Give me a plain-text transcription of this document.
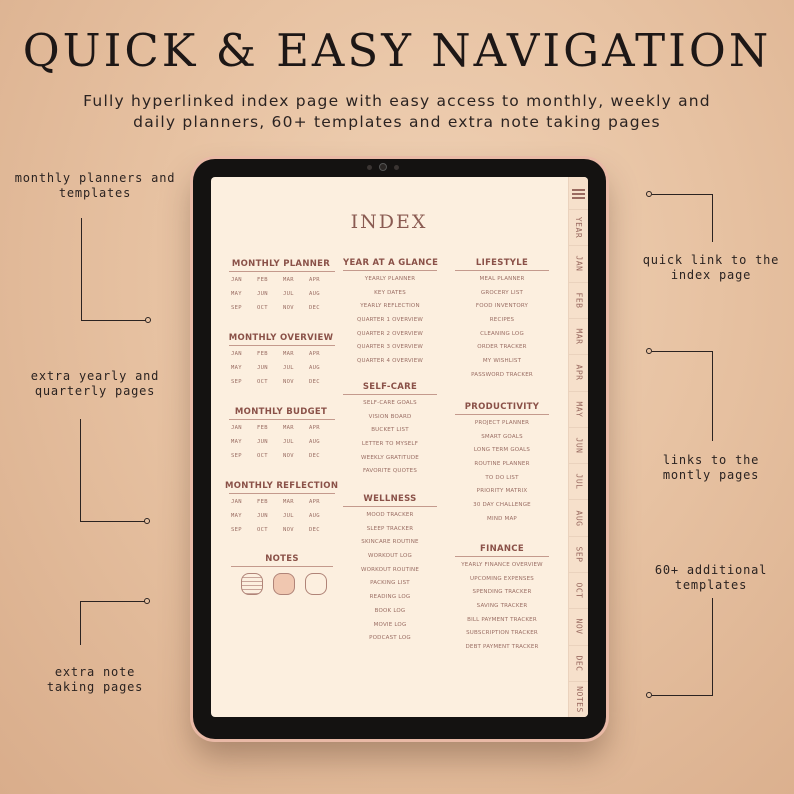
QUICK & EASY NAVIGATION
Fully hyperlinked index page with easy access to monthly, weekly and
daily planners, 60+ templates and extra note taking pages
monthly planners and
templates
extra yearly and
quarterly pages
extra note
taking pages
quick link to the
index page
links to the
montly pages
60+ additional
templates
INDEX
MONTHLY PLANNER
JAN	FEB	MAR	APR
MAY	JUN	JUL	AUG
SEP	OCT	NOV	DEC
MONTHLY OVERVIEW
JAN	FEB	MAR	APR
MAY	JUN	JUL	AUG
SEP	OCT	NOV	DEC
MONTHLY BUDGET
JAN	FEB	MAR	APR
MAY	JUN	JUL	AUG
SEP	OCT	NOV	DEC
MONTHLY REFLECTION
JAN	FEB	MAR	APR
MAY	JUN	JUL	AUG
SEP	OCT	NOV	DEC
NOTES
YEAR AT A GLANCE
YEARLY PLANNER
KEY DATES
YEARLY REFLECTION
QUARTER 1 OVERVIEW
QUARTER 2 OVERVIEW
QUARTER 3 OVERVIEW
QUARTER 4 OVERVIEW
SELF-CARE
SELF-CARE GOALS
VISION BOARD
BUCKET LIST
LETTER TO MYSELF
WEEKLY GRATITUDE
FAVORITE QUOTES
WELLNESS
MOOD TRACKER
SLEEP TRACKER
SKINCARE ROUTINE
WORKOUT LOG
WORKOUT ROUTINE
PACKING LIST
READING LOG
BOOK LOG
MOVIE LOG
PODCAST LOG
LIFESTYLE
MEAL PLANNER
GROCERY LIST
FOOD INVENTORY
RECIPES
CLEANING LOG
ORDER TRACKER
MY WISHLIST
PASSWORD TRACKER
PRODUCTIVITY
PROJECT PLANNER
SMART GOALS
LONG TERM GOALS
ROUTINE PLANNER
TO DO LIST
PRIORITY MATRIX
30 DAY CHALLENGE
MIND MAP
FINANCE
YEARLY FINANCE OVERVIEW
UPCOMING EXPENSES
SPENDING TRACKER
SAVING TRACKER
BILL PAYMENT TRACKER
SUBSCRIPTION TRACKER
DEBT PAYMENT TRACKER
YEAR
JAN
FEB
MAR
APR
MAY
JUN
JUL
AUG
SEP
OCT
NOV
DEC
NOTES
